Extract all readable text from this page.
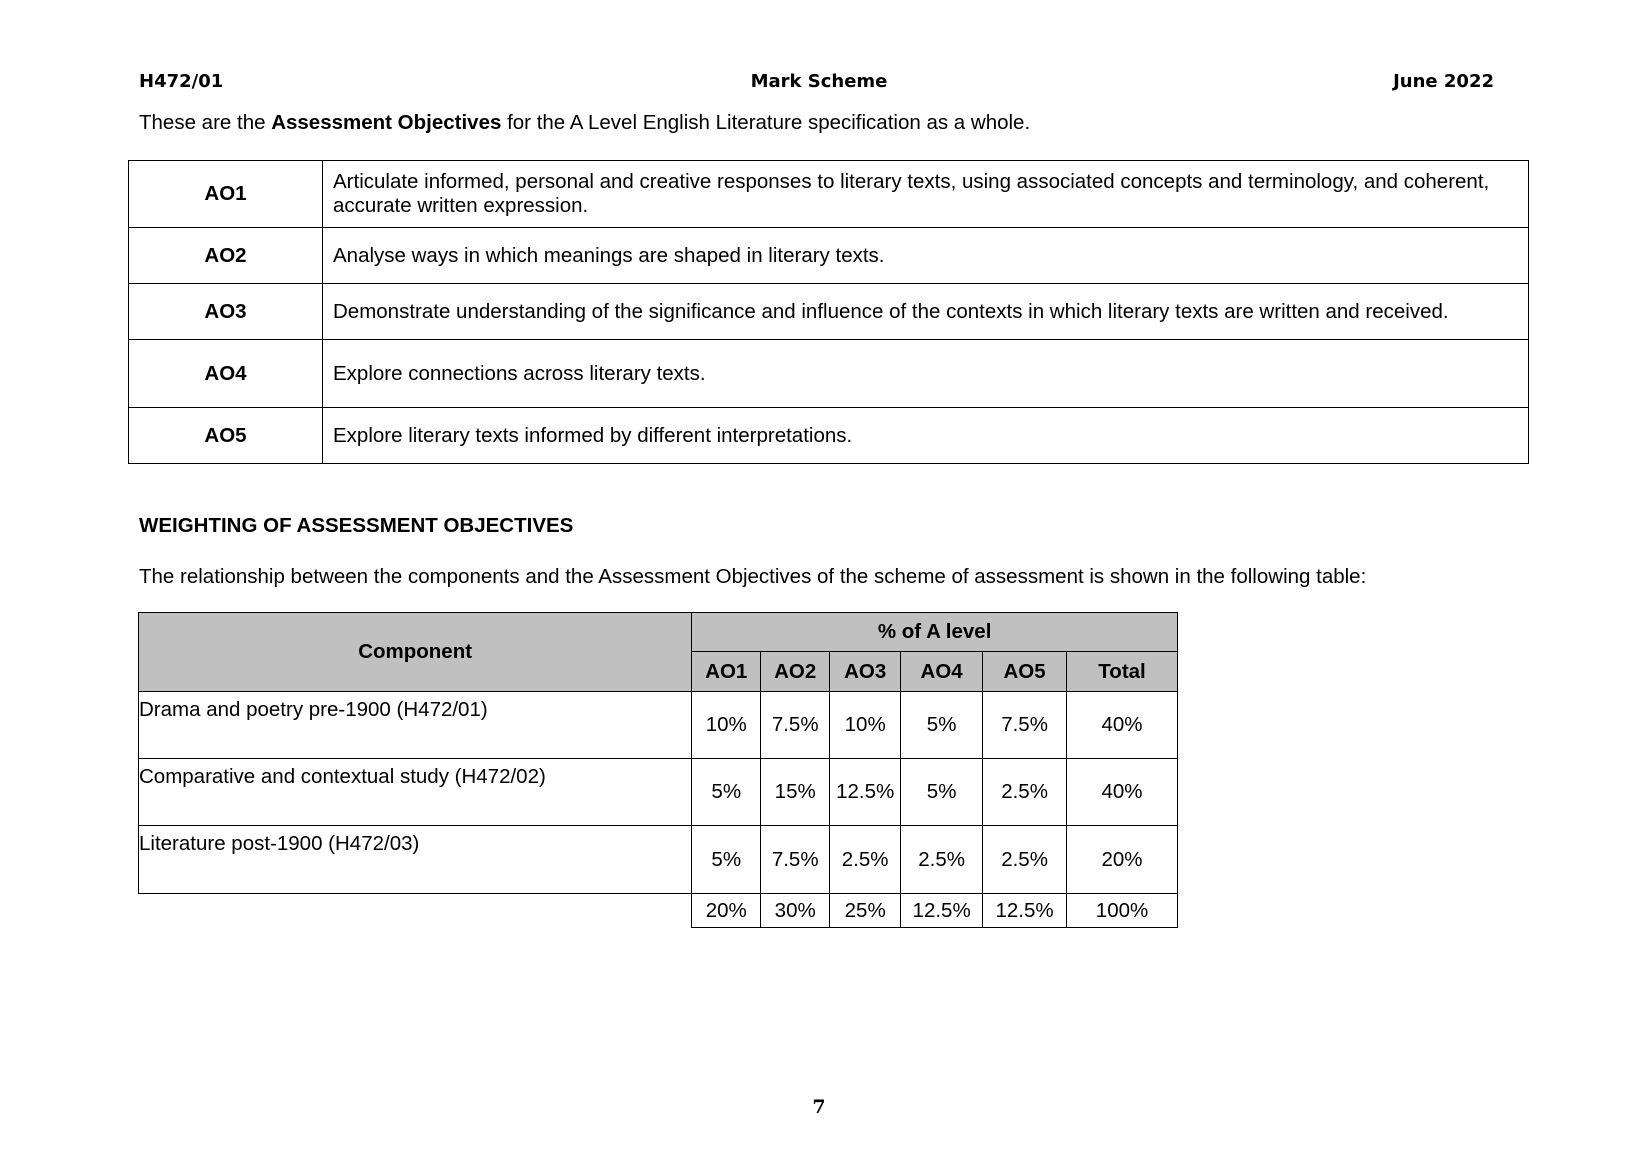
H472/01	Mark Scheme	June 2022
These are the Assessment Objectives for the A Level English Literature specification as a whole.
AO1	Articulate informed, personal and creative responses to literary texts, using associated concepts and terminology, and coherent, accurate written expression.
AO2	Analyse ways in which meanings are shaped in literary texts.
AO3	Demonstrate understanding of the significance and influence of the contexts in which literary texts are written and received.
AO4	Explore connections across literary texts.
AO5	Explore literary texts informed by different interpretations.
WEIGHTING OF ASSESSMENT OBJECTIVES
The relationship between the components and the Assessment Objectives of the scheme of assessment is shown in the following table:
Component	% of A level					
	AO1	AO2	AO3	AO4	AO5	Total
Drama and poetry pre-1900 (H472/01)	10%	7.5%	10%	5%	7.5%	40%
Comparative and contextual study (H472/02)	5%	15%	12.5%	5%	2.5%	40%
Literature post-1900 (H472/03)	5%	7.5%	2.5%	2.5%	2.5%	20%
	20%	30%	25%	12.5%	12.5%	100%
7
